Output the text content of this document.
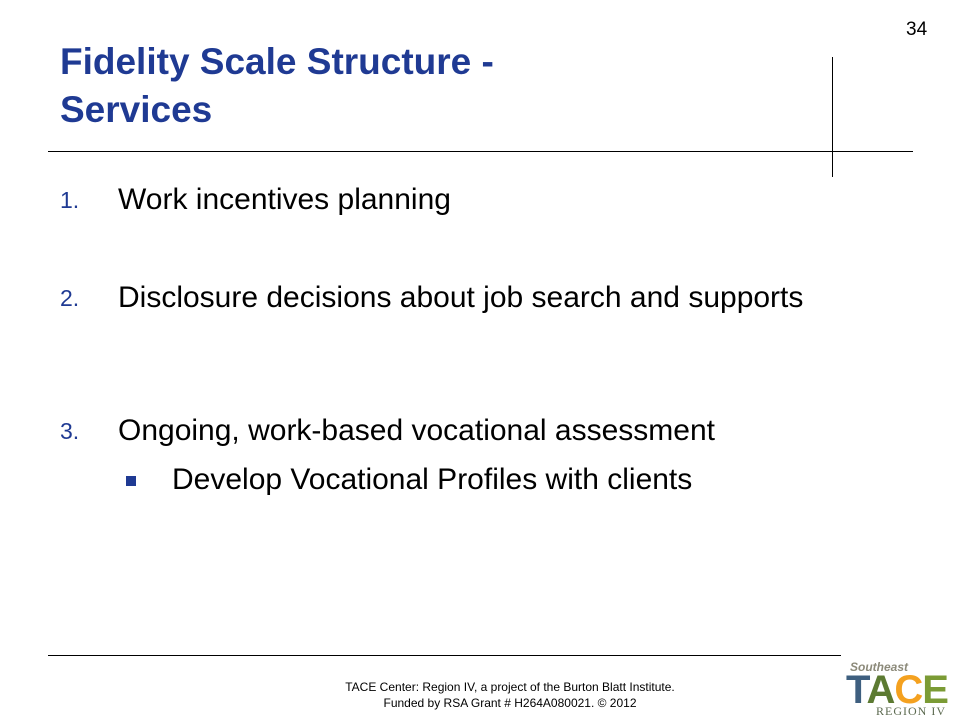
34
Fidelity Scale Structure -
Services
1. Work incentives planning
2. Disclosure decisions about job search and supports
3. Ongoing, work-based vocational assessment
Develop Vocational Profiles with clients
TACE Center: Region IV, a project of the Burton Blatt Institute.
Funded by RSA Grant # H264A080021. © 2012
Southeast
TACE
REGION IV
